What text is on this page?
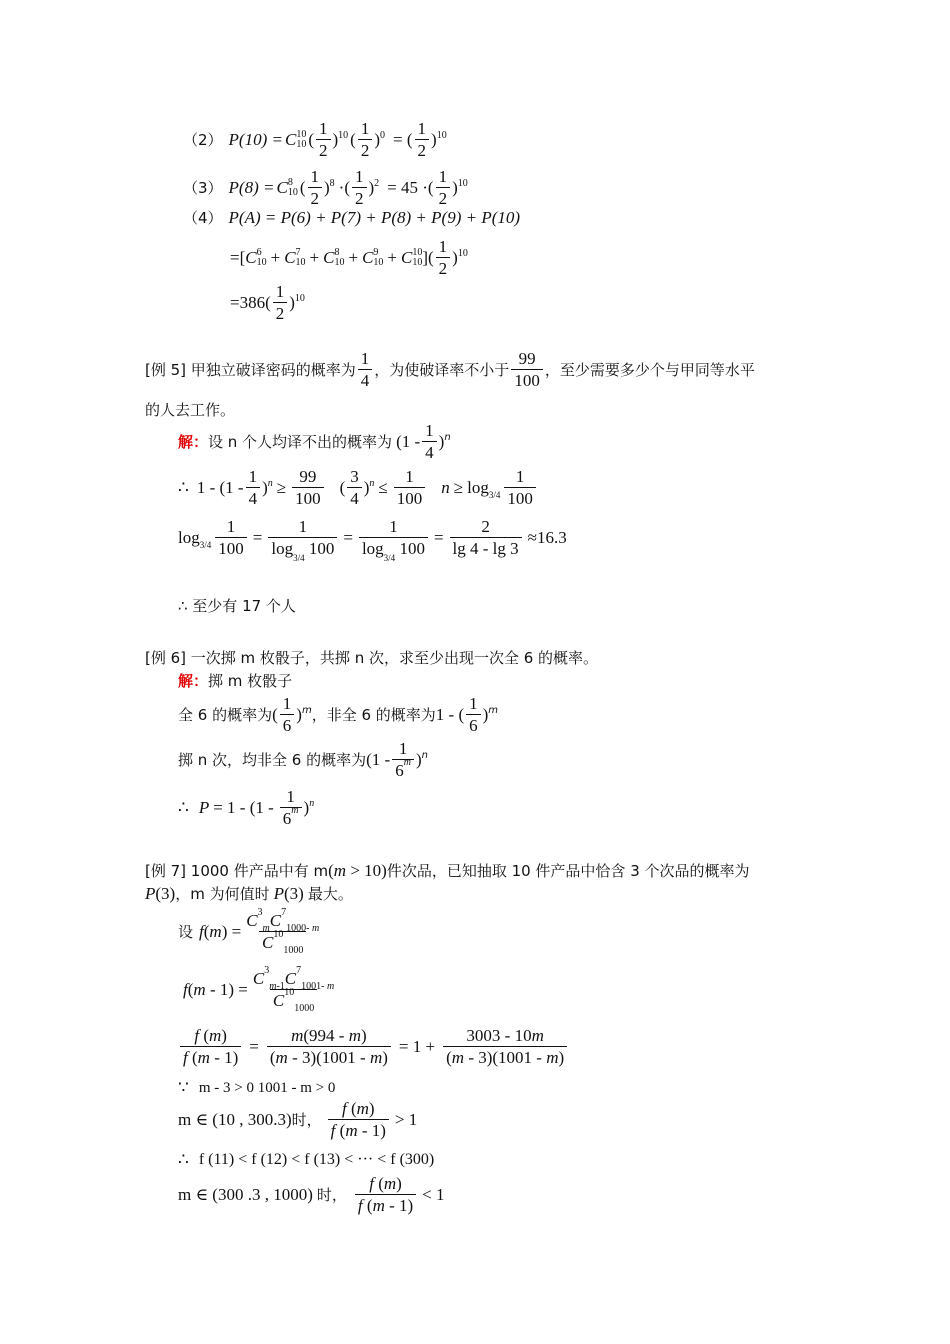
（2） P(10) = C 10
10 ( $\frac{1}{2}$ ) 10 ( $\frac{1}{2}$ ) 0 = ( $\frac{1}{2}$ ) 10
（3） P(8) = C 8
10 ( $\frac{1}{2}$ ) 8 ·( $\frac{1}{2}$ ) 2 = 45 · ( $\frac{1}{2}$ ) 10
（4） P(A) = P(6) + P(7) + P(8) + P(9) + P(10)
=[ C 6
10 + C 7
10 + C 8
10 + C 9
10 + C 10
10 ]( $\frac{1}{2}$ ) 10
$=386( \frac{1}{2}$ ) 10
[例 5] 甲独立破译密码的概率为 $\frac{1}{4}$ ，为使破译率不小于 $\frac{99}{100}$ ，至少需要多少个与甲同等水平
的人去工作。
解： 设 n 个人均译不出的概率为 ($1 - \frac{1}{4}$ ) n
∴ $1 - (1 - \frac{1}{4}$ ) $n \ge \frac{99}{100}$ ( $\frac{3}{4}$ ) $n \le \frac{1}{100}$ $n \ge \log 3/4 \frac{1}{100}$
$\log 3/4 \frac{1}{100} = \frac{1}{\log_{3/4} 100} = \frac{1}{\log_{3/4} 100} = \frac{2}{\lg 4 - \lg 3} \approx 16.3$
∴ 至少有 17 个人
[例 6] 一次掷 m 枚骰子，共掷 n 次，求至少出现一次全 6 的概率。
解： 掷 m 枚骰子
全 6 的概率为 ( $\frac{1}{6}$ ) m ，非全 6 的概率为 1 - ( $\frac{1}{6}$ ) m
掷 n 次，均非全 6 的概率为 ($1 - \frac{1}{6^m}$ ) n
∴ $P = 1 - (1 - \frac{1}{6^m}$ ) n
[例 7] 1000 件产品中有 m (m > 10) 件次品，已知抽取 10 件产品中恰含 3 个次品的概率为
P(3) ，m 为何值时 P(3) 最大。
设 f $(m) = \frac{C^3_mC^7_{1000- m}}{C^{10}_{1000}}$
f $(m - 1) = \frac{C^3_{m-1}C^7_{1001- m}}{C^{10}_{1000}}$
$\frac{f (m)}{f (m - 1)} = \frac{m(994 - m)}{(m - 3)(1001 - m)} = 1 + \frac{3003 - 10m}{(m - 3)(1001 - m)}$
∵ m - 3 > 0 1001 - m > 0
m ∈ (10 , 300.3) 时， $\frac{f (m)}{f (m - 1)} > 1$
∴ f (11) < f (12) < f (13) < ··· < f (300)
m ∈ (300 .3 , 1000) 时， $\frac{f (m)}{f (m - 1)} < 1$
